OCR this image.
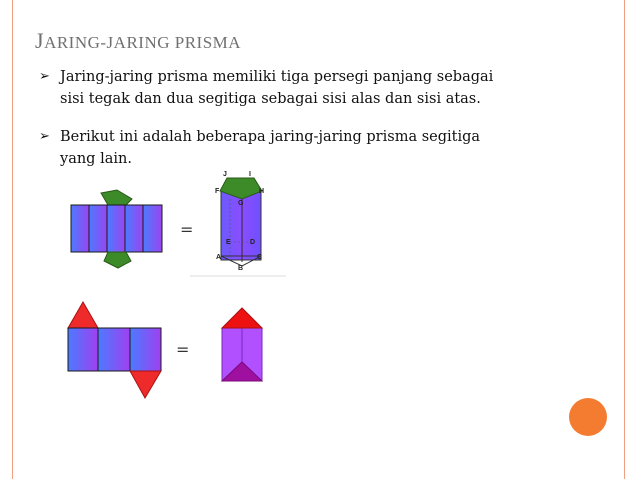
JARING-JARING PRISMA
➢ Jaring-jaring prisma memiliki tiga persegi panjang sebagai
sisi tegak dan dua segitiga sebagai sisi alas dan sisi atas.
➢ Berikut ini adalah beberapa jaring-jaring prisma segitiga
yang lain.
=
=
J	I
F	H
G
E	D
A	C
B
